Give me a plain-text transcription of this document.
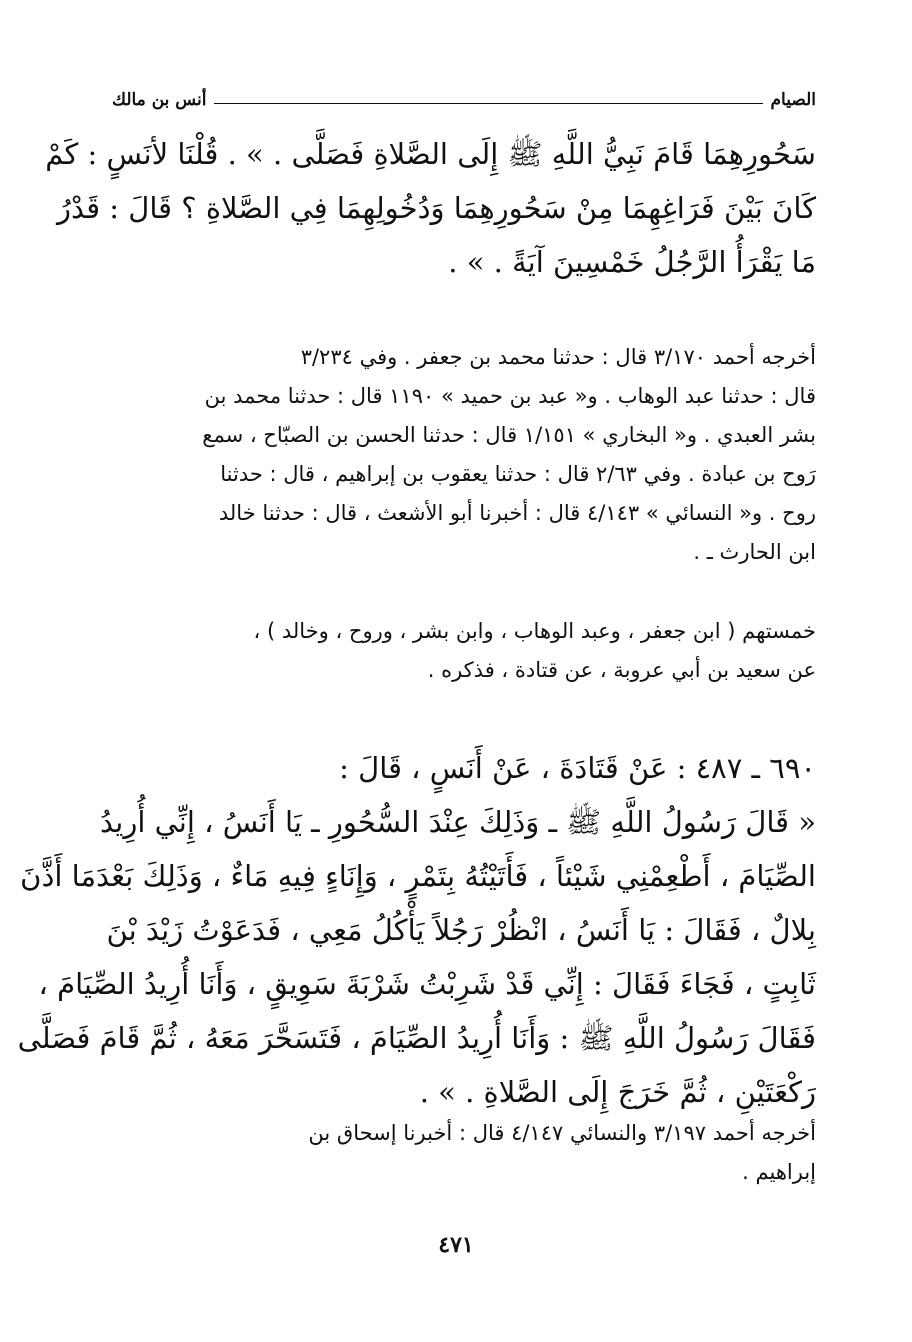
الصيام
أنس بن مالك
سَحُورِهِمَا قَامَ نَبِيُّ اللَّهِ ﷺ إِلَى الصَّلاةِ فَصَلَّى . » . قُلْنَا لأنَسٍ : كَمْ
كَانَ بَيْنَ فَرَاغِهِمَا مِنْ سَحُورِهِمَا وَدُخُولِهِمَا فِي الصَّلاةِ ؟ قَالَ : قَدْرُ
مَا يَقْرَأُ الرَّجُلُ خَمْسِينَ آيَةً . » .
أخرجه أحمد ٣/١٧٠ قال : حدثنا محمد بن جعفر . وفي ٣/٢٣٤
قال : حدثنا عبد الوهاب . و« عبد بن حميد » ١١٩٠ قال : حدثنا محمد بن
بشر العبدي . و« البخاري » ١/١٥١ قال : حدثنا الحسن بن الصبّاح ، سمع
رَوح بن عبادة . وفي ٢/٦٣ قال : حدثنا يعقوب بن إبراهيم ، قال : حدثنا
روح . و« النسائي » ٤/١٤٣ قال : أخبرنا أبو الأشعث ، قال : حدثنا خالد
ابن الحارث ـ .
خمستهم ( ابن جعفر ، وعبد الوهاب ، وابن بشر ، وروح ، وخالد ) ،
عن سعيد بن أبي عروبة ، عن قتادة ، فذكره .
٦٩٠ ـ ٤٨٧ : عَنْ قَتَادَةَ ، عَنْ أَنَسٍ ، قَالَ :
« قَالَ رَسُولُ اللَّهِ ﷺ ـ وَذَلِكَ عِنْدَ السُّحُورِ ـ يَا أَنَسُ ، إِنِّي أُرِيدُ
الصِّيَامَ ، أَطْعِمْنِي شَيْئاً ، فَأَتَيْتُهُ بِتَمْرٍ ، وَإِنَاءٍ فِيهِ مَاءٌ ، وَذَلِكَ بَعْدَمَا أَذَّنَ
بِلالٌ ، فَقَالَ : يَا أَنَسُ ، انْظُرْ رَجُلاً يَأْكُلُ مَعِي ، فَدَعَوْتُ زَيْدَ بْنَ
ثَابِتٍ ، فَجَاءَ فَقَالَ : إِنِّي قَدْ شَرِبْتُ شَرْبَةَ سَوِيقٍ ، وَأَنَا أُرِيدُ الصِّيَامَ ،
فَقَالَ رَسُولُ اللَّهِ ﷺ : وَأَنَا أُرِيدُ الصِّيَامَ ، فَتَسَحَّرَ مَعَهُ ، ثُمَّ قَامَ فَصَلَّى
رَكْعَتَيْنِ ، ثُمَّ خَرَجَ إِلَى الصَّلاةِ . » .
أخرجه أحمد ٣/١٩٧ والنسائي ٤/١٤٧ قال : أخبرنا إسحاق بن
إبراهيم .
٤٧١
